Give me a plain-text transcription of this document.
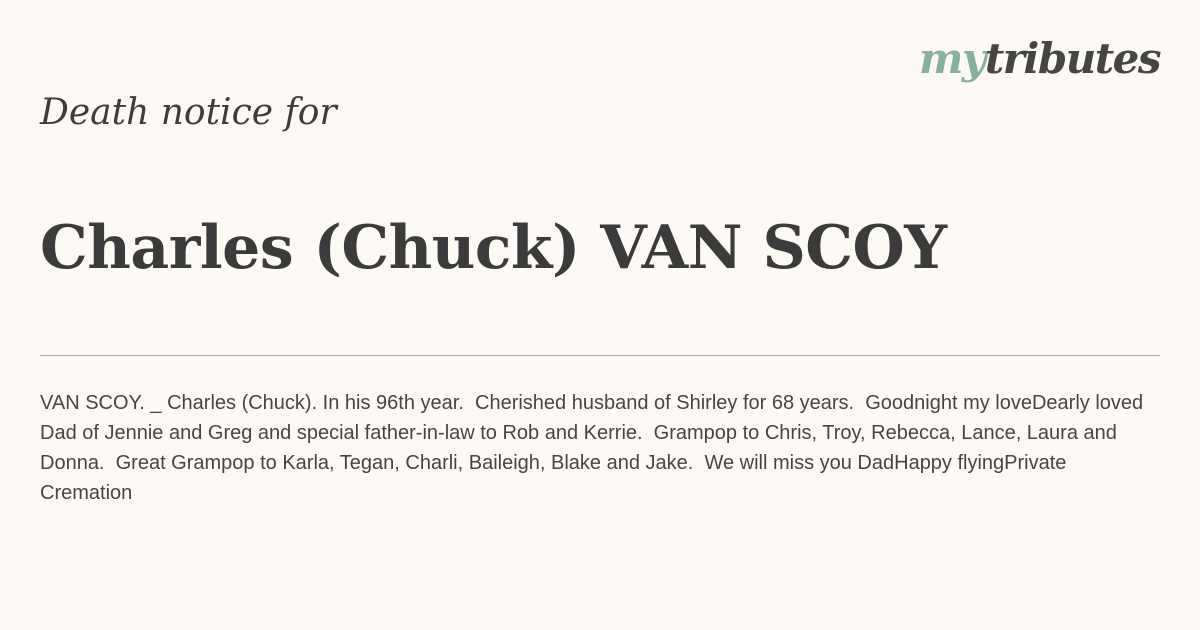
mytributes
Death notice for
Charles (Chuck) VAN SCOY

VAN SCOY. _ Charles (Chuck). In his 96th year.  Cherished husband of Shirley for 68 years.  Goodnight my loveDearly loved Dad of Jennie and Greg and special father-in-law to Rob and Kerrie.  Grampop to Chris, Troy, Rebecca, Lance, Laura and Donna.  Great Grampop to Karla, Tegan, Charli, Baileigh, Blake and Jake.  We will miss you DadHappy flyingPrivate Cremation
